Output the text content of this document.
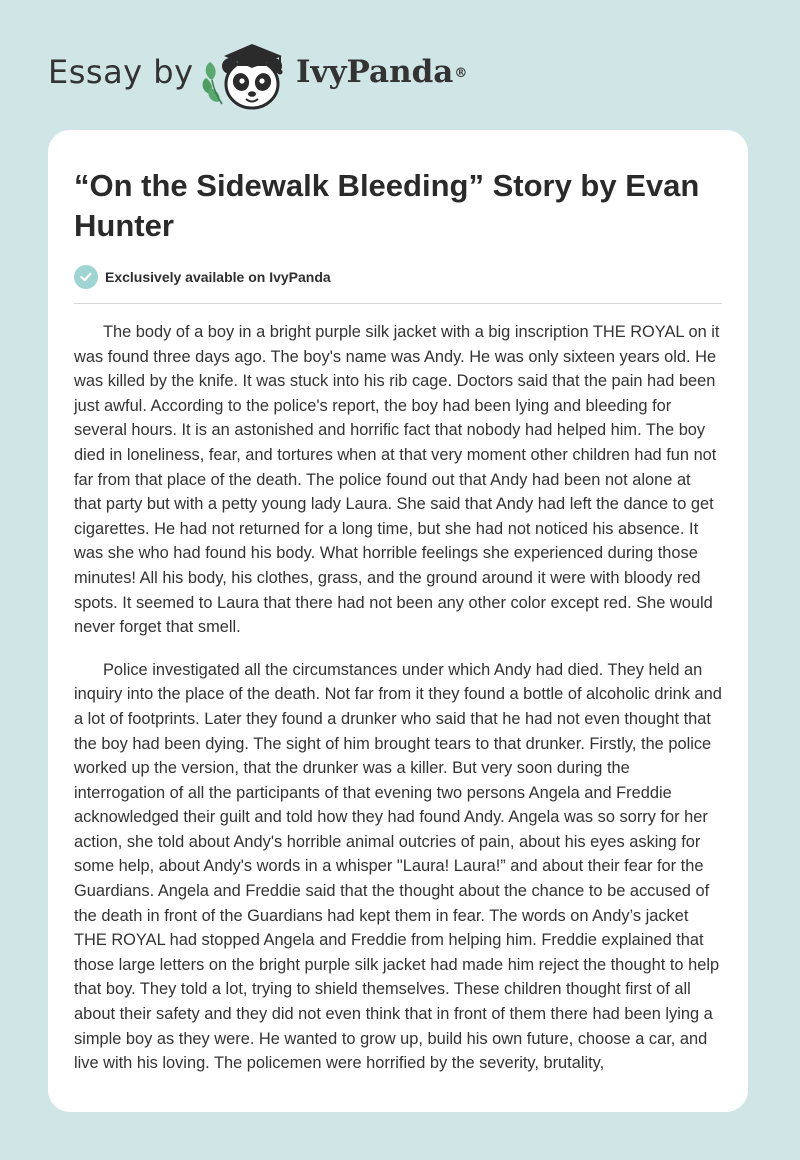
Essay by	IvyPanda®
“On the Sidewalk Bleeding” Story by Evan Hunter
Exclusively available on IvyPanda

The body of a boy in a bright purple silk jacket with a big inscription THE ROYAL on it was found three days ago. The boy's name was Andy. He was only sixteen years old. He was killed by the knife. It was stuck into his rib cage. Doctors said that the pain had been just awful. According to the police's report, the boy had been lying and bleeding for several hours. It is an astonished and horrific fact that nobody had helped him. The boy died in loneliness, fear, and tortures when at that very moment other children had fun not far from that place of the death. The police found out that Andy had been not alone at that party but with a petty young lady Laura. She said that Andy had left the dance to get cigarettes. He had not returned for a long time, but she had not noticed his absence. It was she who had found his body. What horrible feelings she experienced during those minutes! All his body, his clothes, grass, and the ground around it were with bloody red spots. It seemed to Laura that there had not been any other color except red. She would never forget that smell.

Police investigated all the circumstances under which Andy had died. They held an inquiry into the place of the death. Not far from it they found a bottle of alcoholic drink and a lot of footprints. Later they found a drunker who said that he had not even thought that the boy had been dying. The sight of him brought tears to that drunker. Firstly, the police worked up the version, that the drunker was a killer. But very soon during the interrogation of all the participants of that evening two persons Angela and Freddie acknowledged their guilt and told how they had found Andy. Angela was so sorry for her action, she told about Andy's horrible animal outcries of pain, about his eyes asking for some help, about Andy's words in a whisper "Laura! Laura!” and about their fear for the Guardians. Angela and Freddie said that the thought about the chance to be accused of the death in front of the Guardians had kept them in fear. The words on Andy’s jacket THE ROYAL had stopped Angela and Freddie from helping him. Freddie explained that those large letters on the bright purple silk jacket had made him reject the thought to help that boy. They told a lot, trying to shield themselves. These children thought first of all about their safety and they did not even think that in front of them there had been lying a simple boy as they were. He wanted to grow up, build his own future, choose a car, and live with his loving. The policemen were horrified by the severity, brutality,
